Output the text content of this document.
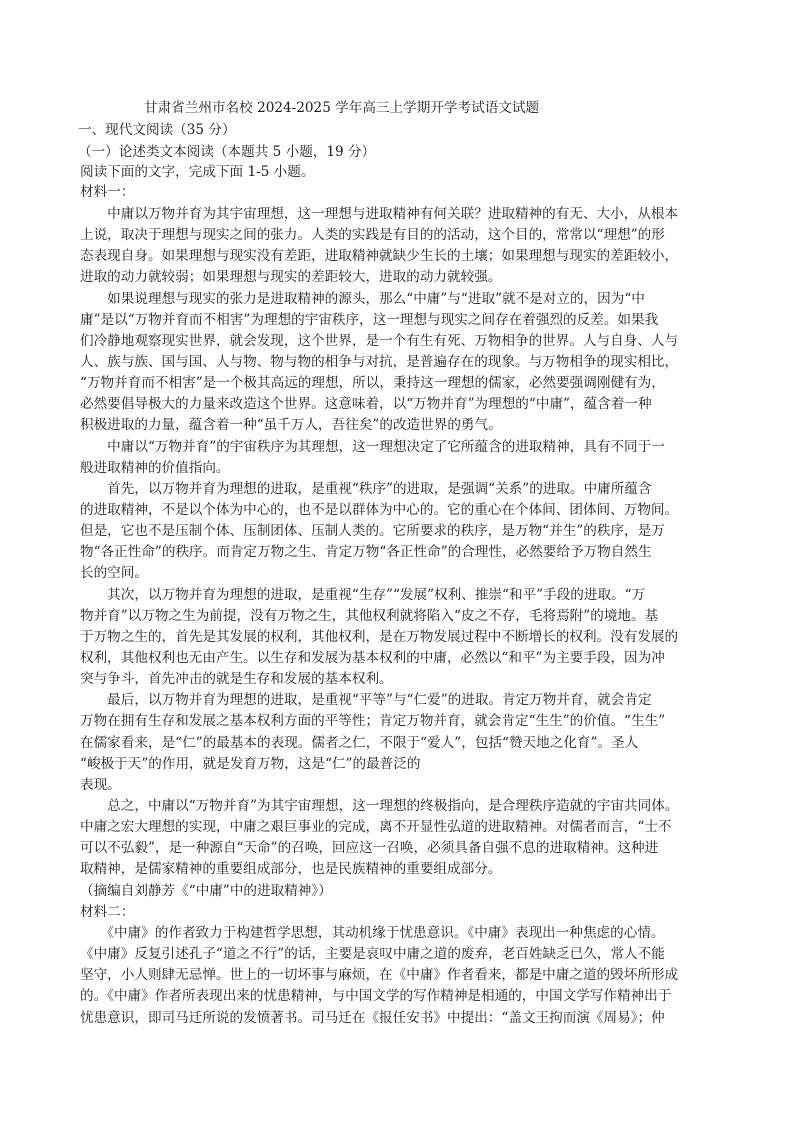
甘肃省兰州市名校 2024-2025 学年高三上学期开学考试语文试题
一、现代文阅读（35 分）
（一）论述类文本阅读（本题共 5 小题，19 分）
阅读下面的文字，完成下面 1-5 小题。
材料一：
　　中庸以万物并育为其宇宙理想，这一理想与进取精神有何关联？进取精神的有无、大小，从根本
上说，取决于理想与现实之间的张力。人类的实践是有目的的活动，这个目的，常常以“理想”的形
态表现自身。如果理想与现实没有差距，进取精神就缺少生长的土壤；如果理想与现实的差距较小，
进取的动力就较弱；如果理想与现实的差距较大，进取的动力就较强。
　　如果说理想与现实的张力是进取精神的源头，那么“中庸”与“进取”就不是对立的，因为“中
庸”是以“万物并育而不相害”为理想的宇宙秩序，这一理想与现实之间存在着强烈的反差。如果我
们冷静地观察现实世界，就会发现，这个世界，是一个有生有死、万物相争的世界。人与自身、人与
人、族与族、国与国、人与物、物与物的相争与对抗，是普遍存在的现象。与万物相争的现实相比，
“万物并育而不相害”是一个极其高远的理想，所以，秉持这一理想的儒家，必然要强调刚健有为，
必然要倡导极大的力量来改造这个世界。这意味着，以“万物并育”为理想的“中庸”，蕴含着一种
积极进取的力量，蕴含着一种“虽千万人，吾往矣”的改造世界的勇气。
　　中庸以“万物并育”的宇宙秩序为其理想，这一理想决定了它所蕴含的进取精神，具有不同于一
般进取精神的价值指向。
　　首先，以万物并育为理想的进取，是重视“秩序”的进取，是强调“关系”的进取。中庸所蕴含
的进取精神，不是以个体为中心的，也不是以群体为中心的。它的重心在个体间、团体间、万物间。
但是，它也不是压制个体、压制团体、压制人类的。它所要求的秩序，是万物“并生”的秩序，是万
物“各正性命”的秩序。而肯定万物之生、肯定万物“各正性命”的合理性，必然要给予万物自然生
长的空间。
　　其次，以万物并育为理想的进取，是重视“生存”“发展”权利、推崇“和平”手段的进取。“万
物并育”以万物之生为前提，没有万物之生，其他权利就将陷入“皮之不存，毛将焉附”的境地。基
于万物之生的，首先是其发展的权利，其他权利，是在万物发展过程中不断增长的权利。没有发展的
权利，其他权利也无由产生。以生存和发展为基本权利的中庸，必然以“和平”为主要手段，因为冲
突与争斗，首先冲击的就是生存和发展的基本权利。
　　最后，以万物并育为理想的进取，是重视“平等”与“仁爱”的进取。肯定万物并育，就会肯定
万物在拥有生存和发展之基本权利方面的平等性；肯定万物并育，就会肯定“生生”的价值。“生生”
在儒家看来，是“仁”的最基本的表现。儒者之仁，不限于“爱人”，包括“赞天地之化育”。圣人
“峻极于天”的作用，就是发育万物，这是“仁”的最普泛的
表现。
　　总之，中庸以“万物并育”为其宇宙理想，这一理想的终极指向，是合理秩序造就的宇宙共同体。
中庸之宏大理想的实现，中庸之艰巨事业的完成，离不开显性弘道的进取精神。对儒者而言，“士不
可以不弘毅”，是一种源自“天命”的召唤，回应这一召唤，必须具备自强不息的进取精神。这种进
取精神，是儒家精神的重要组成部分，也是民族精神的重要组成部分。
（摘编自刘静芳《“中庸”中的进取精神》）
材料二：
　　《中庸》的作者致力于构建哲学思想，其动机缘于忧患意识。《中庸》表现出一种焦虑的心情。
《中庸》反复引述孔子“道之不行”的话，主要是哀叹中庸之道的废弃，老百姓缺乏已久，常人不能
坚守，小人则肆无忌惮。世上的一切坏事与麻烦，在《中庸》作者看来，都是中庸之道的毁坏所形成
的。《中庸》作者所表现出来的忧患精神，与中国文学的写作精神是相通的，中国文学写作精神出于
忧患意识，即司马迁所说的发愤著书。司马迁在《报任安书》中提出：“盖文王拘而演《周易》；仲
